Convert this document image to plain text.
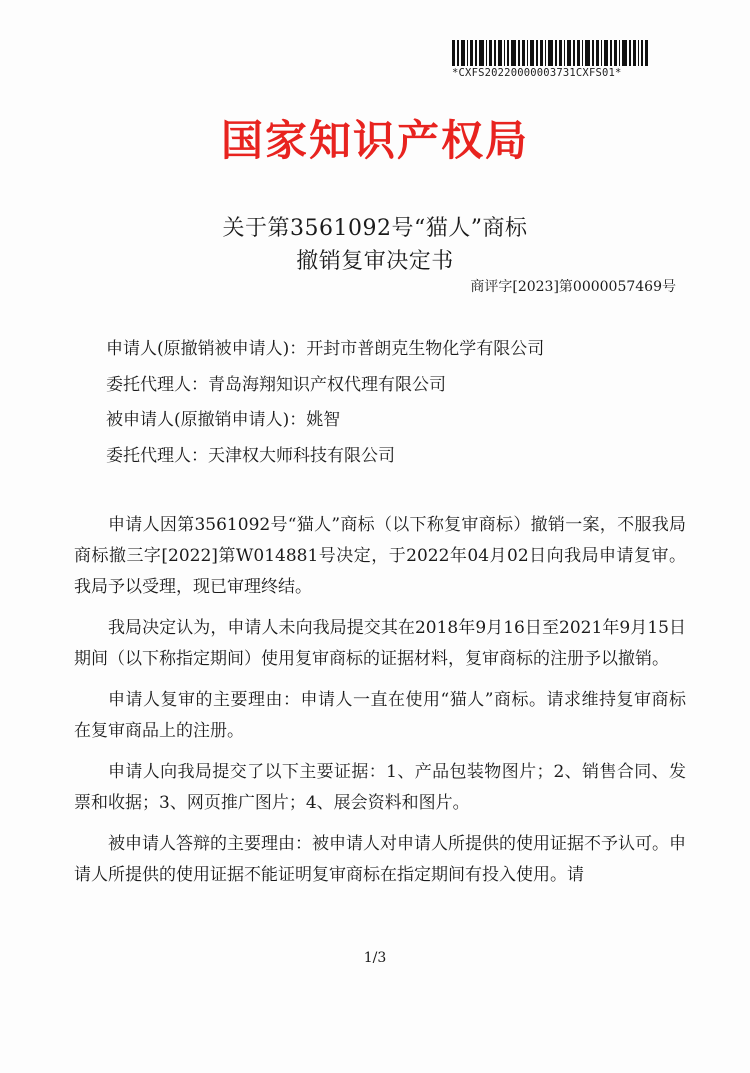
*CXFS20220000003731CXFS01*
国家知识产权局
关于第3561092号“猫人”商标
撤销复审决定书
商评字[2023]第0000057469号
申请人(原撤销被申请人)：开封市普朗克生物化学有限公司
委托代理人：青岛海翔知识产权代理有限公司
被申请人(原撤销申请人)：姚智
委托代理人：天津权大师科技有限公司

申请人因第3561092号“猫人”商标（以下称复审商标）撤销一案，不服我局商标撤三字[2022]第W014881号决定，于2022年04月02日向我局申请复审。我局予以受理，现已审理终结。

我局决定认为，申请人未向我局提交其在2018年9月16日至2021年9月15日期间（以下称指定期间）使用复审商标的证据材料，复审商标的注册予以撤销。

申请人复审的主要理由：申请人一直在使用“猫人”商标。请求维持复审商标在复审商品上的注册。

申请人向我局提交了以下主要证据：1、产品包装物图片；2、销售合同、发票和收据；3、网页推广图片；4、展会资料和图片。

被申请人答辩的主要理由：被申请人对申请人所提供的使用证据不予认可。申请人所提供的使用证据不能证明复审商标在指定期间有投入使用。请

1/3
